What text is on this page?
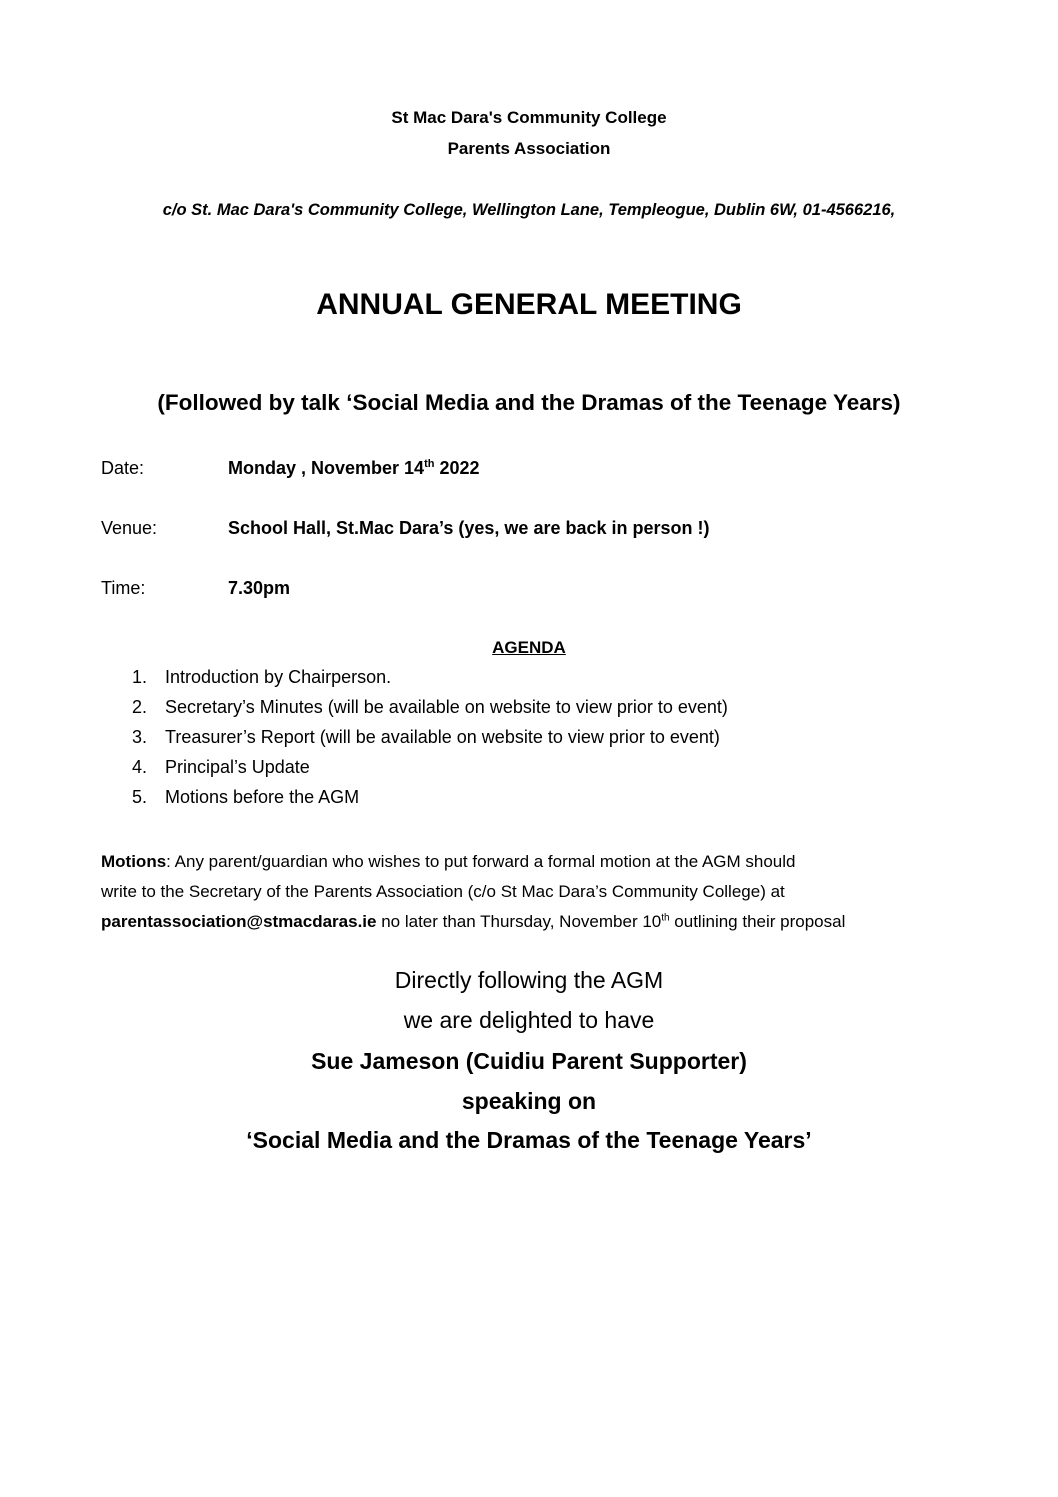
St Mac Dara's Community College
Parents Association
c/o St. Mac Dara's Community College, Wellington Lane, Templeogue, Dublin 6W, 01-4566216,
ANNUAL GENERAL MEETING
(Followed by talk ‘Social Media and the Dramas of the Teenage Years)
Date:	Monday , November 14th 2022
Venue:	School Hall, St.Mac Dara’s (yes, we are back in person !)
Time:	7.30pm
AGENDA
1. Introduction by Chairperson.
2. Secretary’s Minutes (will be available on website to view prior to event)
3. Treasurer’s Report (will be available on website to view prior to event)
4. Principal’s Update
5. Motions before the AGM
Motions: Any parent/guardian who wishes to put forward a formal motion at the AGM should
write to the Secretary of the Parents Association (c/o St Mac Dara’s Community College) at
parentassociation@stmacdaras.ie no later than Thursday, November 10th outlining their proposal
Directly following the AGM
we are delighted to have
Sue Jameson (Cuidiu Parent Supporter)
speaking on
‘Social Media and the Dramas of the Teenage Years’
